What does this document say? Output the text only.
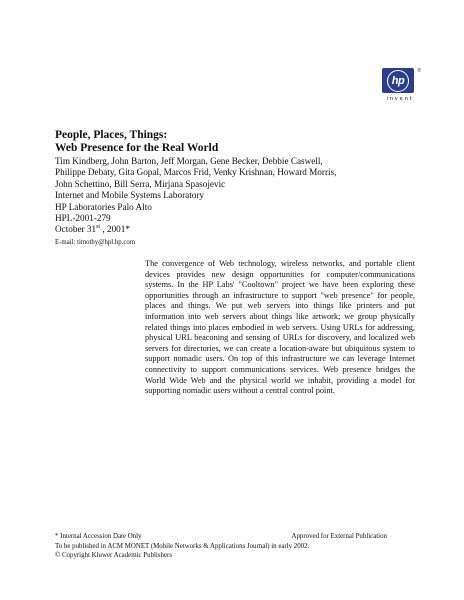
hp
®
invent
People, Places, Things:
Web Presence for the Real World
Tim Kindberg, John Barton, Jeff Morgan, Gene Becker, Debbie Caswell,
Philippe Debaty, Gita Gopal, Marcos Frid, Venky Krishnan, Howard Morris,
John Schettino, Bill Serra, Mirjana Spasojevic
Internet and Mobile Systems Laboratory
HP Laboratories Palo Alto
HPL-2001-279
October 31st , 2001*
E-mail: timothy@hpl.hp.com
The convergence of Web technology, wireless networks, and portable client devices provides new design opportunities for computer/communications systems. In the HP Labs' "Cooltown" project we have been exploring these opportunities through an infrastructure to support "web presence" for people, places and things. We put web servers into things like printers and put information into web servers about things like artwork; we group physically related things into places embodied in web servers. Using URLs for addressing, physical URL beaconing and sensing of URLs for discovery, and localized web servers for directories, we can create a location-aware but ubiquitous system to support nomadic users. On top of this infrastructure we can leverage Internet connectivity to support communications services. Web presence bridges the World Wide Web and the physical world we inhabit, providing a model for supporting nomadic users without a central control point.
* Internal Accession Date Only	Approved for External Publication
To be published in ACM MONET (Mobile Networks & Applications Journal) in early 2002.
© Copyright Kluwer Academic Publishers
